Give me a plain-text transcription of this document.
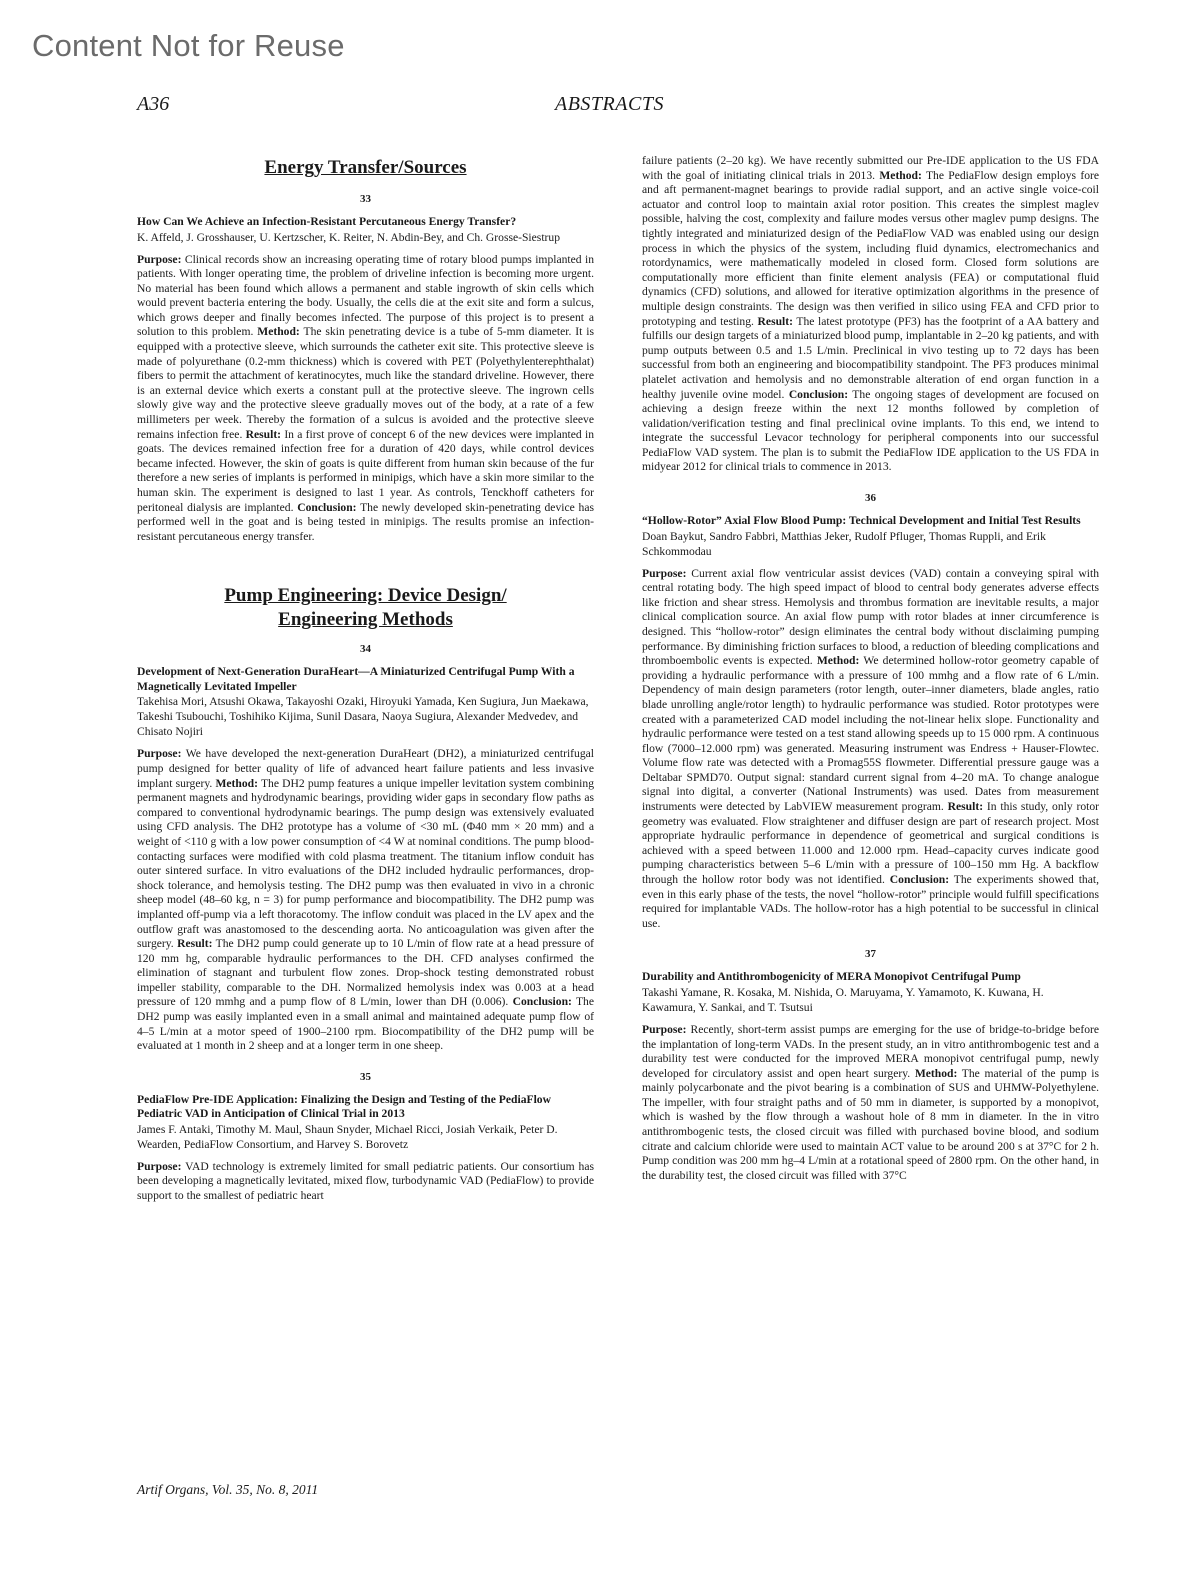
Content Not for Reuse
A36	ABSTRACTS
Energy Transfer/Sources
33
How Can We Achieve an Infection-Resistant Percutaneous Energy Transfer?
K. Affeld, J. Grosshauser, U. Kertzscher, K. Reiter, N. Abdin-Bey, and Ch. Grosse-Siestrup

Purpose: Clinical records show an increasing operating time of rotary blood pumps implanted in patients. With longer operating time, the problem of driveline infection is becoming more urgent. No material has been found which allows a permanent and stable ingrowth of skin cells which would prevent bacteria entering the body. Usually, the cells die at the exit site and form a sulcus, which grows deeper and finally becomes infected. The purpose of this project is to present a solution to this problem. Method: The skin penetrating device is a tube of 5-mm diameter. It is equipped with a protective sleeve, which surrounds the catheter exit site. This protective sleeve is made of polyurethane (0.2-mm thickness) which is covered with PET (Polyethylenterephthalat) fibers to permit the attachment of keratinocytes, much like the standard driveline. However, there is an external device which exerts a constant pull at the protective sleeve. The ingrown cells slowly give way and the protective sleeve gradually moves out of the body, at a rate of a few millimeters per week. Thereby the formation of a sulcus is avoided and the protective sleeve remains infection free. Result: In a first prove of concept 6 of the new devices were implanted in goats. The devices remained infection free for a duration of 420 days, while control devices became infected. However, the skin of goats is quite different from human skin because of the fur therefore a new series of implants is performed in minipigs, which have a skin more similar to the human skin. The experiment is designed to last 1 year. As controls, Tenckhoff catheters for peritoneal dialysis are implanted. Conclusion: The newly developed skin-penetrating device has performed well in the goat and is being tested in minipigs. The results promise an infection-resistant percutaneous energy transfer.

Pump Engineering: Device Design/
Engineering Methods
34
Development of Next-Generation DuraHeart—A Miniaturized Centrifugal Pump With a Magnetically Levitated Impeller
Takehisa Mori, Atsushi Okawa, Takayoshi Ozaki, Hiroyuki Yamada, Ken Sugiura, Jun Maekawa, Takeshi Tsubouchi, Toshihiko Kijima, Sunil Dasara, Naoya Sugiura, Alexander Medvedev, and Chisato Nojiri

Purpose: We have developed the next-generation DuraHeart (DH2), a miniaturized centrifugal pump designed for better quality of life of advanced heart failure patients and less invasive implant surgery. Method: The DH2 pump features a unique impeller levitation system combining permanent magnets and hydrodynamic bearings, providing wider gaps in secondary flow paths as compared to conventional hydrodynamic bearings. The pump design was extensively evaluated using CFD analysis. The DH2 prototype has a volume of <30 mL (Φ40 mm × 20 mm) and a weight of <110 g with a low power consumption of <4 W at nominal conditions. The pump blood-contacting surfaces were modified with cold plasma treatment. The titanium inflow conduit has outer sintered surface. In vitro evaluations of the DH2 included hydraulic performances, drop-shock tolerance, and hemolysis testing. The DH2 pump was then evaluated in vivo in a chronic sheep model (48–60 kg, n = 3) for pump performance and biocompatibility. The DH2 pump was implanted off-pump via a left thoracotomy. The inflow conduit was placed in the LV apex and the outflow graft was anastomosed to the descending aorta. No anticoagulation was given after the surgery. Result: The DH2 pump could generate up to 10 L/min of flow rate at a head pressure of 120 mm hg, comparable hydraulic performances to the DH. CFD analyses confirmed the elimination of stagnant and turbulent flow zones. Drop-shock testing demonstrated robust impeller stability, comparable to the DH. Normalized hemolysis index was 0.003 at a head pressure of 120 mmhg and a pump flow of 8 L/min, lower than DH (0.006). Conclusion: The DH2 pump was easily implanted even in a small animal and maintained adequate pump flow of 4–5 L/min at a motor speed of 1900–2100 rpm. Biocompatibility of the DH2 pump will be evaluated at 1 month in 2 sheep and at a longer term in one sheep.

35
PediaFlow Pre-IDE Application: Finalizing the Design and Testing of the PediaFlow Pediatric VAD in Anticipation of Clinical Trial in 2013
James F. Antaki, Timothy M. Maul, Shaun Snyder, Michael Ricci, Josiah Verkaik, Peter D. Wearden, PediaFlow Consortium, and Harvey S. Borovetz

Purpose: VAD technology is extremely limited for small pediatric patients. Our consortium has been developing a magnetically levitated, mixed flow, turbodynamic VAD (PediaFlow) to provide support to the smallest of pediatric heart

failure patients (2–20 kg). We have recently submitted our Pre-IDE application to the US FDA with the goal of initiating clinical trials in 2013. Method: The PediaFlow design employs fore and aft permanent-magnet bearings to provide radial support, and an active single voice-coil actuator and control loop to maintain axial rotor position. This creates the simplest maglev possible, halving the cost, complexity and failure modes versus other maglev pump designs. The tightly integrated and miniaturized design of the PediaFlow VAD was enabled using our design process in which the physics of the system, including fluid dynamics, electromechanics and rotordynamics, were mathematically modeled in closed form. Closed form solutions are computationally more efficient than finite element analysis (FEA) or computational fluid dynamics (CFD) solutions, and allowed for iterative optimization algorithms in the presence of multiple design constraints. The design was then verified in silico using FEA and CFD prior to prototyping and testing. Result: The latest prototype (PF3) has the footprint of a AA battery and fulfills our design targets of a miniaturized blood pump, implantable in 2–20 kg patients, and with pump outputs between 0.5 and 1.5 L/min. Preclinical in vivo testing up to 72 days has been successful from both an engineering and biocompatibility standpoint. The PF3 produces minimal platelet activation and hemolysis and no demonstrable alteration of end organ function in a healthy juvenile ovine model. Conclusion: The ongoing stages of development are focused on achieving a design freeze within the next 12 months followed by completion of validation/verification testing and final preclinical ovine implants. To this end, we intend to integrate the successful Levacor technology for peripheral components into our successful PediaFlow VAD system. The plan is to submit the PediaFlow IDE application to the US FDA in midyear 2012 for clinical trials to commence in 2013.

36
“Hollow-Rotor” Axial Flow Blood Pump: Technical Development and Initial Test Results
Doan Baykut, Sandro Fabbri, Matthias Jeker, Rudolf Pfluger, Thomas Ruppli, and Erik Schkommodau

Purpose: Current axial flow ventricular assist devices (VAD) contain a conveying spiral with central rotating body. The high speed impact of blood to central body generates adverse effects like friction and shear stress. Hemolysis and thrombus formation are inevitable results, a major clinical complication source. An axial flow pump with rotor blades at inner circumference is designed. This “hollow-rotor” design eliminates the central body without disclaiming pumping performance. By diminishing friction surfaces to blood, a reduction of bleeding complications and thromboembolic events is expected. Method: We determined hollow-rotor geometry capable of providing a hydraulic performance with a pressure of 100 mmhg and a flow rate of 6 L/min. Dependency of main design parameters (rotor length, outer–inner diameters, blade angles, ratio blade unrolling angle/rotor length) to hydraulic performance was studied. Rotor prototypes were created with a parameterized CAD model including the not-linear helix slope. Functionality and hydraulic performance were tested on a test stand allowing speeds up to 15 000 rpm. A continuous flow (7000–12.000 rpm) was generated. Measuring instrument was Endress + Hauser-Flowtec. Volume flow rate was detected with a Promag55S flowmeter. Differential pressure gauge was a Deltabar SPMD70. Output signal: standard current signal from 4–20 mA. To change analogue signal into digital, a converter (National Instruments) was used. Dates from measurement instruments were detected by LabVIEW measurement program. Result: In this study, only rotor geometry was evaluated. Flow straightener and diffuser design are part of research project. Most appropriate hydraulic performance in dependence of geometrical and surgical conditions is achieved with a speed between 11.000 and 12.000 rpm. Head–capacity curves indicate good pumping characteristics between 5–6 L/min with a pressure of 100–150 mm Hg. A backflow through the hollow rotor body was not identified. Conclusion: The experiments showed that, even in this early phase of the tests, the novel “hollow-rotor” principle would fulfill specifications required for implantable VADs. The hollow-rotor has a high potential to be successful in clinical use.

37
Durability and Antithrombogenicity of MERA Monopivot Centrifugal Pump
Takashi Yamane, R. Kosaka, M. Nishida, O. Maruyama, Y. Yamamoto, K. Kuwana, H. Kawamura, Y. Sankai, and T. Tsutsui

Purpose: Recently, short-term assist pumps are emerging for the use of bridge-to-bridge before the implantation of long-term VADs. In the present study, an in vitro antithrombogenic test and a durability test were conducted for the improved MERA monopivot centrifugal pump, newly developed for circulatory assist and open heart surgery. Method: The material of the pump is mainly polycarbonate and the pivot bearing is a combination of SUS and UHMW-Polyethylene. The impeller, with four straight paths and of 50 mm in diameter, is supported by a monopivot, which is washed by the flow through a washout hole of 8 mm in diameter. In the in vitro antithrombogenic tests, the closed circuit was filled with purchased bovine blood, and sodium citrate and calcium chloride were used to maintain ACT value to be around 200 s at 37°C for 2 h. Pump condition was 200 mm hg–4 L/min at a rotational speed of 2800 rpm. On the other hand, in the durability test, the closed circuit was filled with 37°C

Artif Organs, Vol. 35, No. 8, 2011
